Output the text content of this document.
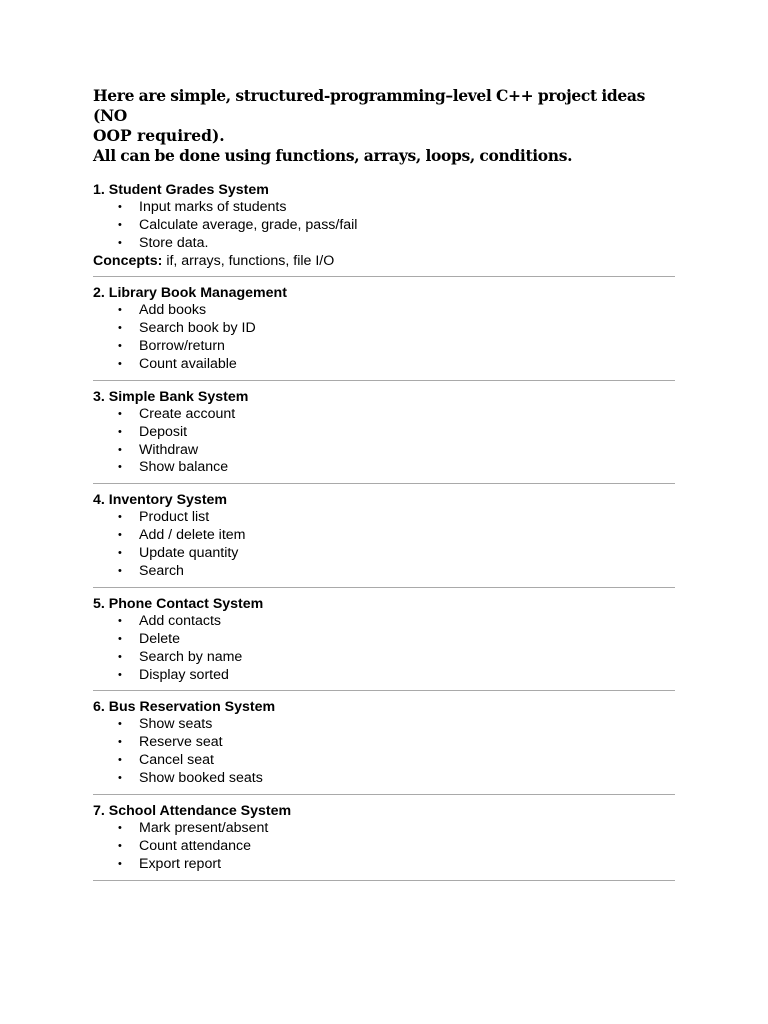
Here are simple, structured-programming–level C++ project ideas (NO
OOP required).
All can be done using functions, arrays, loops, conditions.

1. Student Grades System
• Input marks of students
• Calculate average, grade, pass/fail
• Store data.
Concepts: if, arrays, functions, file I/O
2. Library Book Management
• Add books
• Search book by ID
• Borrow/return
• Count available
3. Simple Bank System
• Create account
• Deposit
• Withdraw
• Show balance
4. Inventory System
• Product list
• Add / delete item
• Update quantity
• Search
5. Phone Contact System
• Add contacts
• Delete
• Search by name
• Display sorted
6. Bus Reservation System
• Show seats
• Reserve seat
• Cancel seat
• Show booked seats
7. School Attendance System
• Mark present/absent
• Count attendance
• Export report
